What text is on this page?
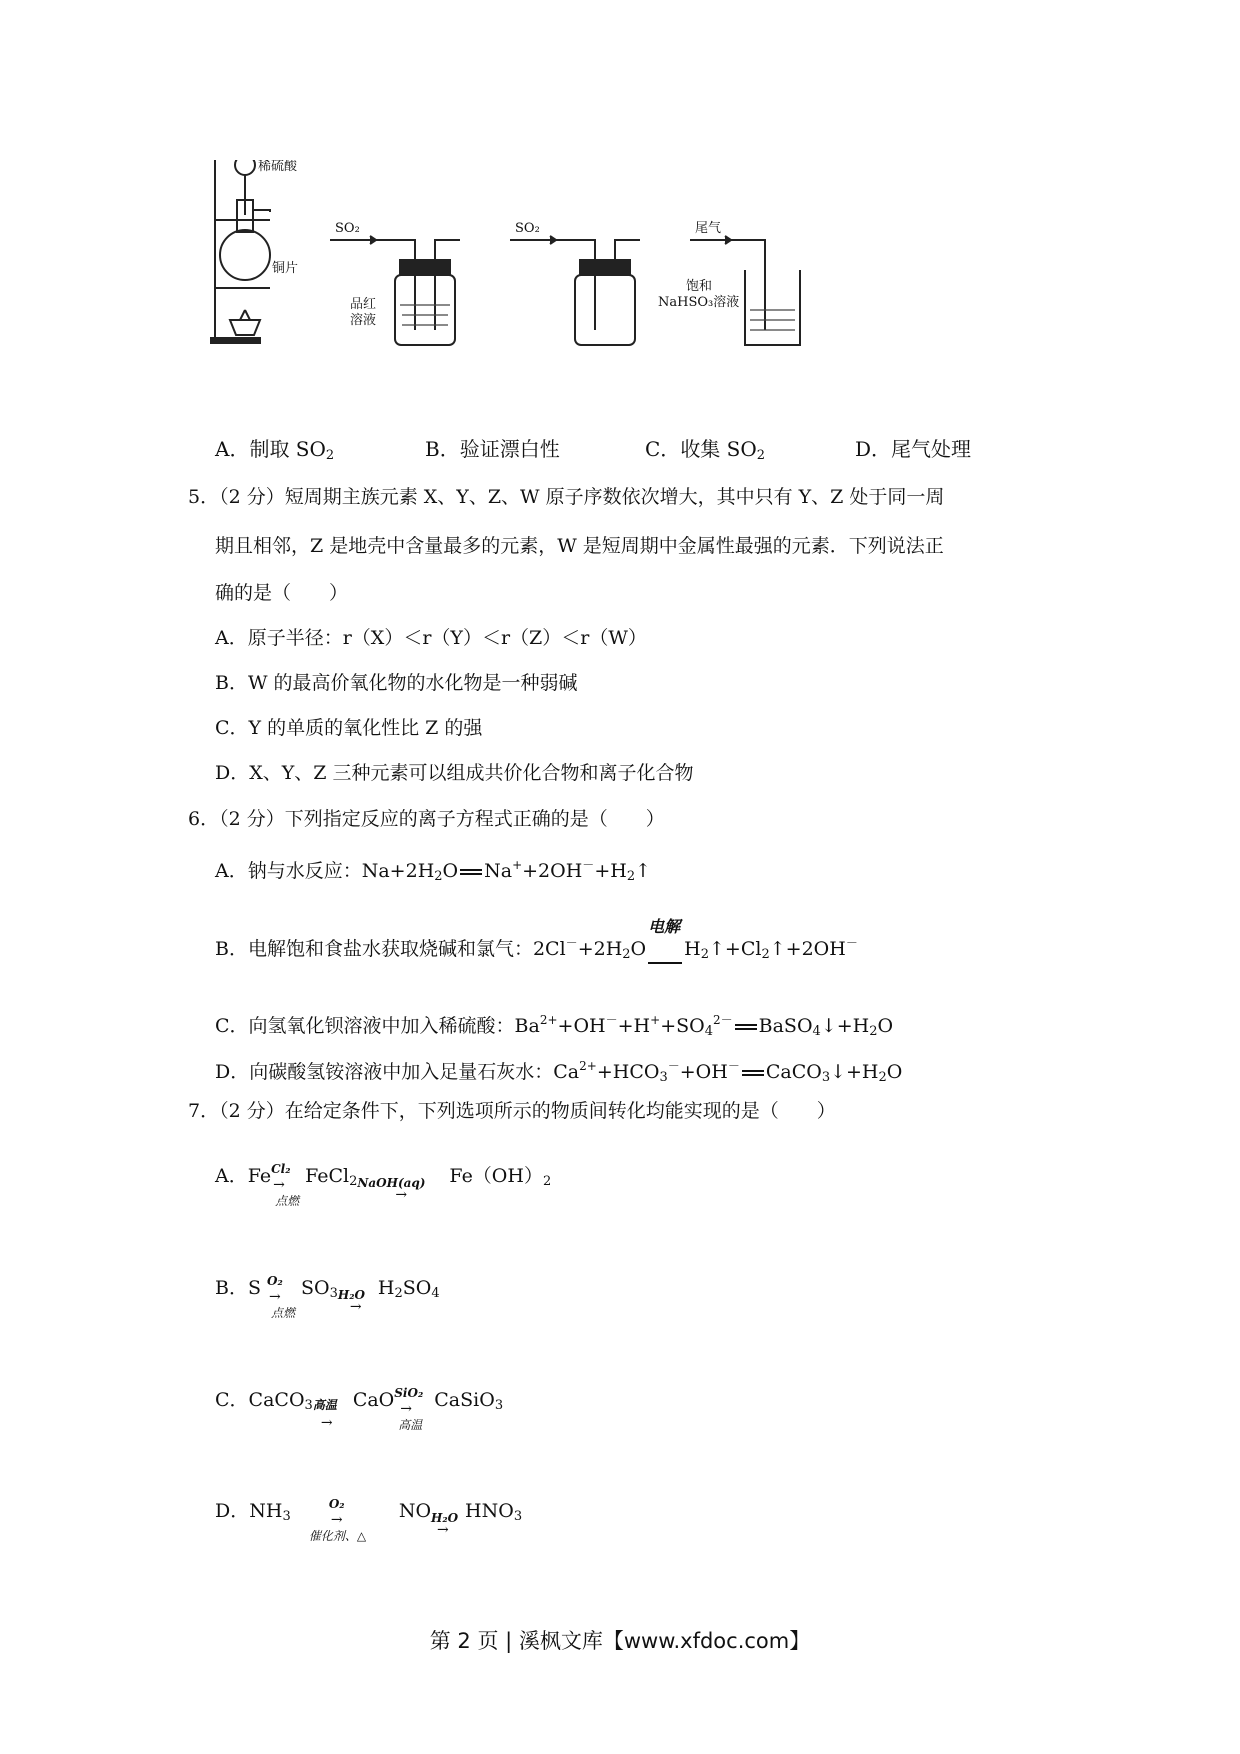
稀硫酸
铜片
SO₂
品红
溶液
SO₂	尾气
饱和
NaHSO₃溶液
A．制取 $SO_2$	B．验证漂白性	C．收集 $SO_2$	D．尾气处理
5．（2 分）短周期主族元素 X、Y、Z、W 原子序数依次增大，其中只有 Y、Z 处于同一周
期且相邻，Z 是地壳中含量最多的元素，W 是短周期中金属性最强的元素．下列说法正
确的是（　　）
A．原子半径：r（X）＜r（Y）＜r（Z）＜r（W）
B．W 的最高价氧化物的水化物是一种弱碱
C．Y 的单质的氧化性比 Z 的强
D．X、Y、Z 三种元素可以组成共价化合物和离子化合物
6．（2 分）下列指定反应的离子方程式正确的是（　　）
A．钠与水反应：$Na+2H_2O$ $Na^++2OH^-+H_2↑$
B．电解饱和食盐水获取烧碱和氯气：$2Cl^-+2H_2O$
电解
$H_2↑+Cl_2↑+2OH^-$
C．向氢氧化钡溶液中加入稀硫酸：$Ba^{2+}+OH^-+H^++SO_4^{2-}$ $BaSO_4↓+H_2O$
D．向碳酸氢铵溶液中加入足量石灰水：$Ca^{2+}+HCO_3^-+OH^-$ $CaCO_3↓+H_2O$
7．（2 分）在给定条件下，下列选项所示的物质间转化均能实现的是（　　）
A．Fe Cl₂
→
点燃
FeCl$_2$ NaOH(aq)
→
$Fe(OH)_2$
B．S O₂
→
点燃
$SO_3$ H₂O
→
$H_2SO_4$
C．CaCO$_3$ 高温
→
CaO SiO₂
→
高温
CaSiO$_3$
D．$NH_3$
O₂
→
催化剂、△
NO H₂O
→
$HNO_3$
第 2 页 | 溪枫文库【www.xfdoc.com】
